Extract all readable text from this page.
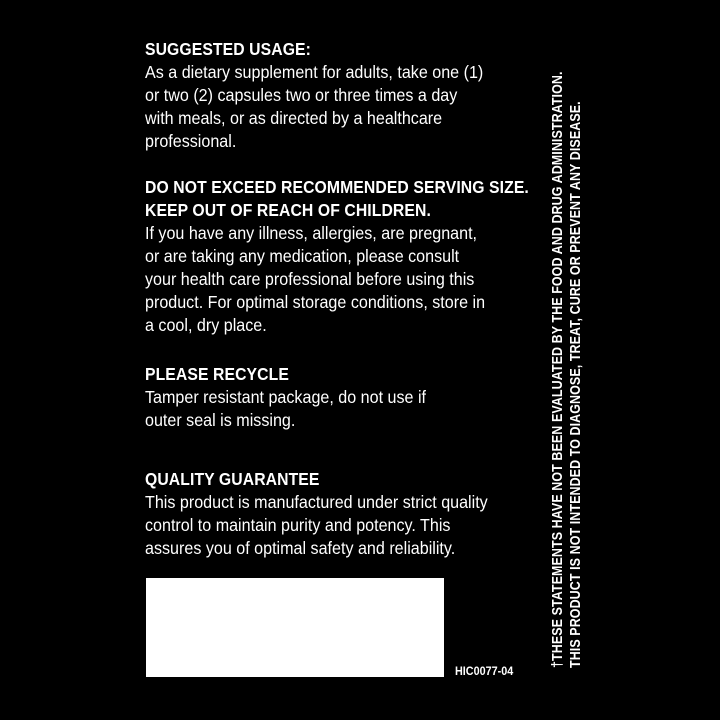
SUGGESTED USAGE:
As a dietary supplement for adults, take one (1)
or two (2) capsules two or three times a day
with meals, or as directed by a healthcare
professional.
DO NOT EXCEED RECOMMENDED SERVING SIZE.
KEEP OUT OF REACH OF CHILDREN.
If you have any illness, allergies, are pregnant,
or are taking any medication, please consult
your health care professional before using this
product. For optimal storage conditions, store in
a cool, dry place.
PLEASE RECYCLE
Tamper resistant package, do not use if
outer seal is missing.
QUALITY GUARANTEE
This product is manufactured under strict quality
control to maintain purity and potency. This
assures you of optimal safety and reliability.
HIC0077-04
†THESE STATEMENTS HAVE NOT BEEN EVALUATED BY THE FOOD AND DRUG ADMINISTRATION. THIS PRODUCT IS NOT INTENDED TO DIAGNOSE, TREAT, CURE OR PREVENT ANY DISEASE.
